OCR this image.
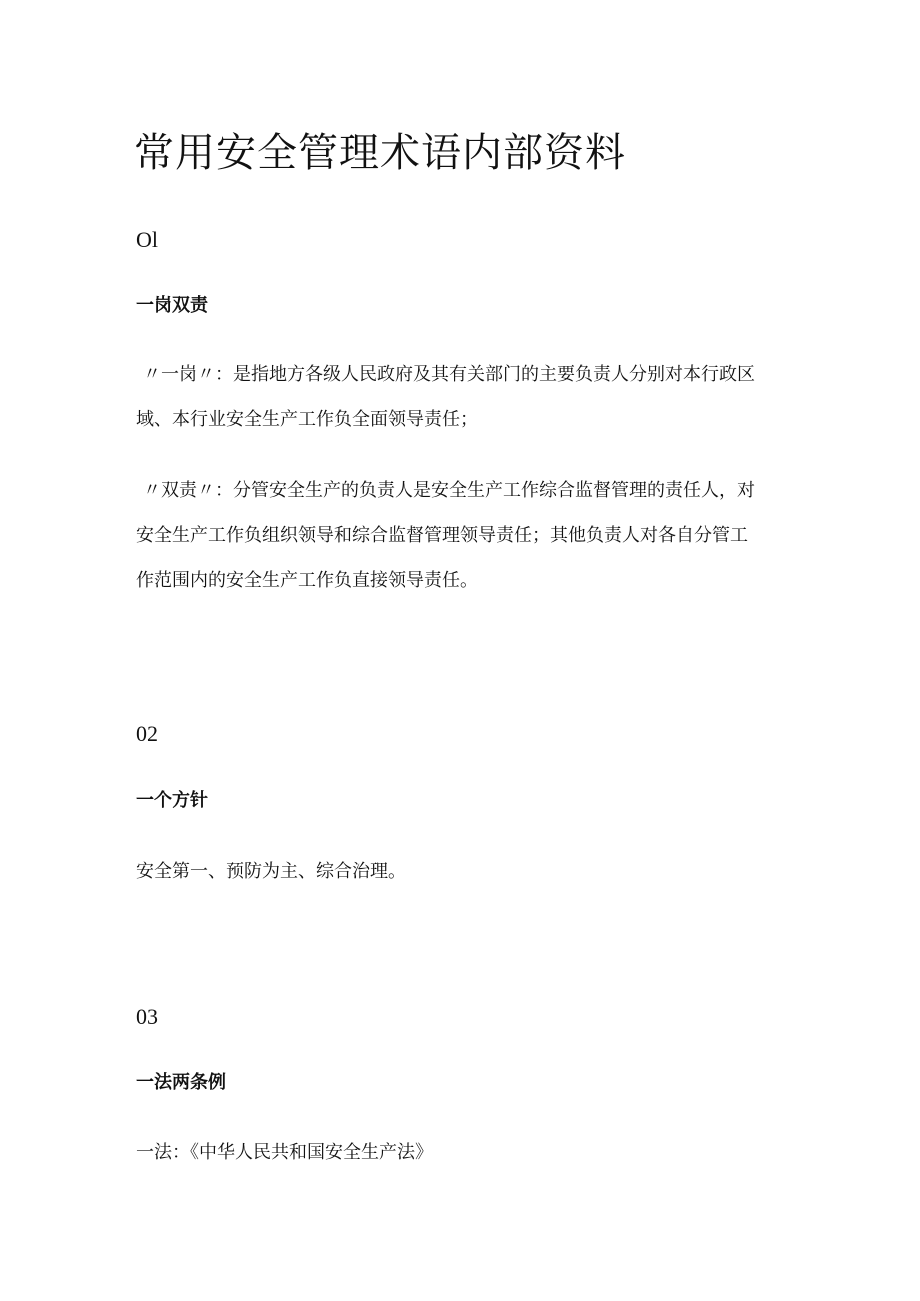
常用安全管理术语内部资料
Ol
一岗双责

〃一岗〃：是指地方各级人民政府及其有关部门的主要负责人分别对本行政区
域、本行业安全生产工作负全面领导责任；

〃双责〃：分管安全生产的负责人是安全生产工作综合监督管理的责任人，对
安全生产工作负组织领导和综合监督管理领导责任；其他负责人对各自分管工
作范围内的安全生产工作负直接领导责任。

02
一个方针

安全第一、预防为主、综合治理。

03
一法两条例

一法：《中华人民共和国安全生产法》
